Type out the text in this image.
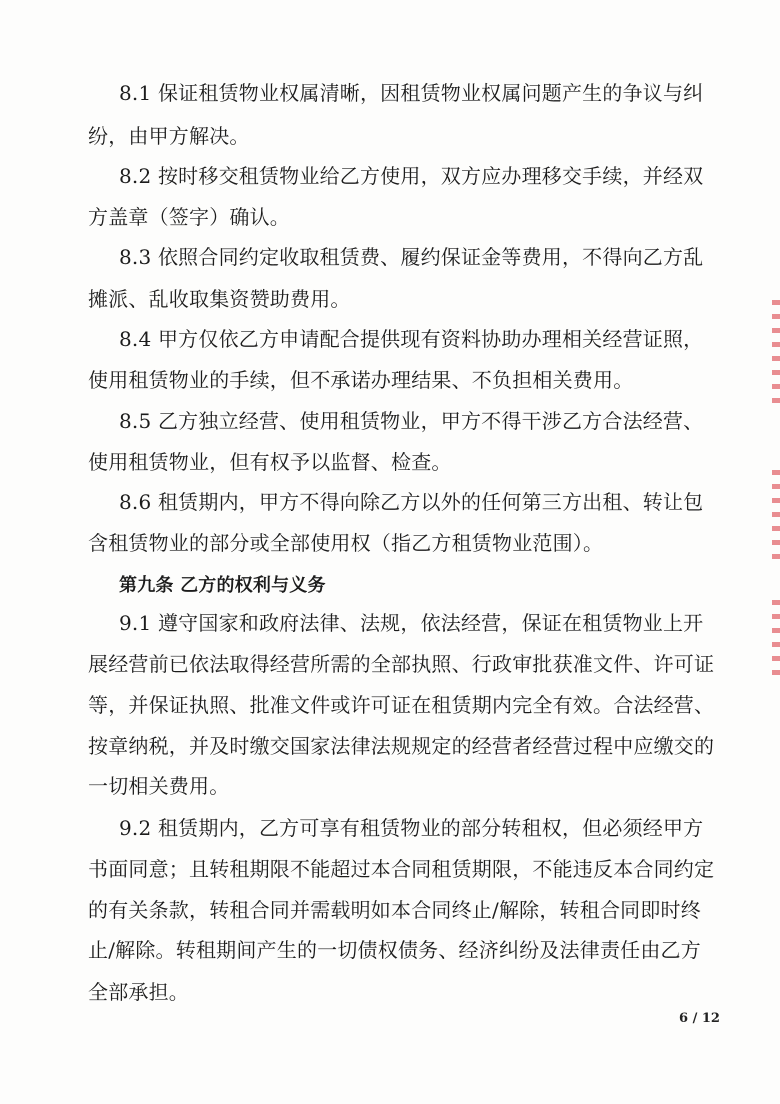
8.1 保证租赁物业权属清晰，因租赁物业权属问题产生的争议与纠
纷，由甲方解决。
8.2 按时移交租赁物业给乙方使用，双方应办理移交手续，并经双
方盖章（签字）确认。
8.3 依照合同约定收取租赁费、履约保证金等费用，不得向乙方乱
摊派、乱收取集资赞助费用。
8.4 甲方仅依乙方申请配合提供现有资料协助办理相关经营证照，
使用租赁物业的手续，但不承诺办理结果、不负担相关费用。
8.5 乙方独立经营、使用租赁物业，甲方不得干涉乙方合法经营、
使用租赁物业，但有权予以监督、检查。
8.6 租赁期内，甲方不得向除乙方以外的任何第三方出租、转让包
含租赁物业的部分或全部使用权（指乙方租赁物业范围）。
第九条 乙方的权利与义务
9.1 遵守国家和政府法律、法规，依法经营，保证在租赁物业上开
展经营前已依法取得经营所需的全部执照、行政审批获准文件、许可证
等，并保证执照、批准文件或许可证在租赁期内完全有效。合法经营、
按章纳税，并及时缴交国家法律法规规定的经营者经营过程中应缴交的
一切相关费用。
9.2 租赁期内，乙方可享有租赁物业的部分转租权，但必须经甲方
书面同意；且转租期限不能超过本合同租赁期限，不能违反本合同约定
的有关条款，转租合同并需载明如本合同终止/解除，转租合同即时终
止/解除。转租期间产生的一切债权债务、经济纠纷及法律责任由乙方
全部承担。
6 / 12
